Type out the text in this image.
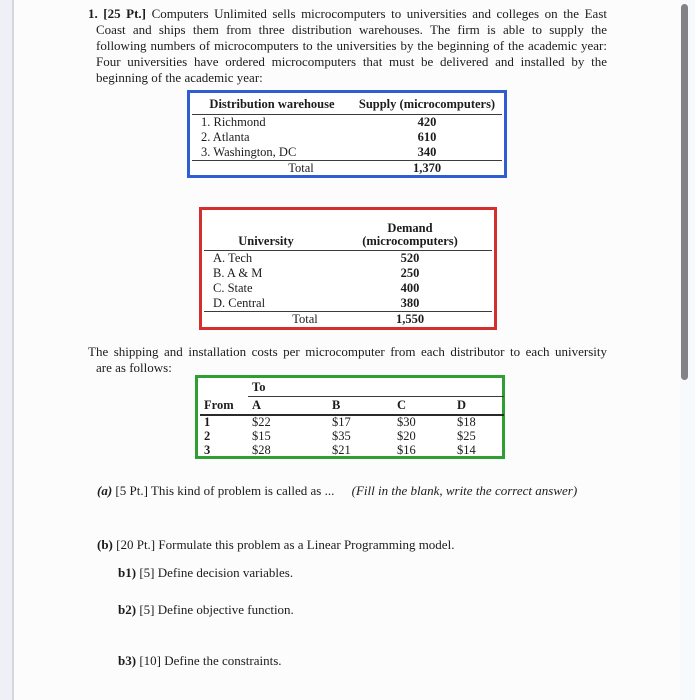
1. [25 Pt.] Computers Unlimited sells microcomputers to universities and colleges on the East
Coast and ships them from three distribution warehouses. The firm is able to supply the
following numbers of microcomputers to the universities by the beginning of the academic year:
Four universities have ordered microcomputers that must be delivered and installed by the
beginning of the academic year:
Distribution warehouse	Supply (microcomputers)
1. Richmond	420
2. Atlanta	610
3. Washington, DC	340
Total	1,370
University	Demand
(microcomputers)

A. Tech	520
B. A & M	250
C. State	400
D. Central	380
Total	1,550
The shipping and installation costs per microcomputer from each distributor to each university
are as follows:
	To			
From	A	B	C	D
1	$22	$17	$30	$18
2	$15	$35	$20	$25
3	$28	$21	$16	$14
(a) [5 Pt.] This kind of problem is called as ... (Fill in the blank, write the correct answer)
(b) [20 Pt.] Formulate this problem as a Linear Programming model.
b1) [5] Define decision variables.
b2) [5] Define objective function.
b3) [10] Define the constraints.
